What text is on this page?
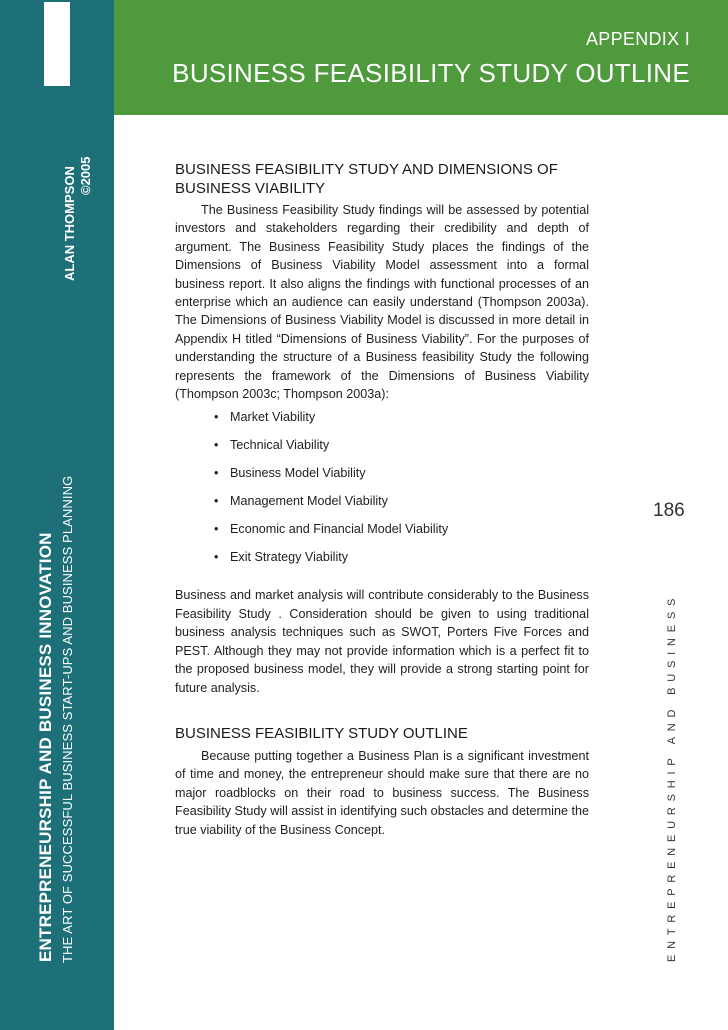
APPENDIX I
BUSINESS FEASIBILITY STUDY OUTLINE
ENTREPRENEURSHIP AND BUSINESS INNOVATION THE ART OF SUCCESSFUL BUSINESS START-UPS AND BUSINESS PLANNING
ALAN THOMPSON ©2005
ENTREPRENEURSHIP AND BUSINESS
186
BUSINESS FEASIBILITY STUDY AND DIMENSIONS OF BUSINESS VIABILITY

The Business Feasibility Study findings will be assessed by potential investors and stakeholders regarding their credibility and depth of argument. The Business Feasibility Study places the findings of the Dimensions of Business Viability Model assessment into a formal business report. It also aligns the findings with functional processes of an enterprise which an audience can easily understand (Thompson 2003a). The Dimensions of Business Viability Model is discussed in more detail in Appendix H titled “Dimensions of Business Viability”. For the purposes of understanding the structure of a Business feasibility Study the following represents the framework of the Dimensions of Business Viability (Thompson 2003c; Thompson 2003a):

• Market Viability
• Technical Viability
• Business Model Viability
• Management Model Viability
• Economic and Financial Model Viability
• Exit Strategy Viability

Business and market analysis will contribute considerably to the Business Feasibility Study . Consideration should be given to using traditional business analysis techniques such as SWOT, Porters Five Forces and PEST. Although they may not provide information which is a perfect fit to the proposed business model, they will provide a strong starting point for future analysis.

BUSINESS FEASIBILITY STUDY OUTLINE

Because putting together a Business Plan is a significant investment of time and money, the entrepreneur should make sure that there are no major roadblocks on their road to business success. The Business Feasibility Study will assist in identifying such obstacles and determine the true viability of the Business Concept.
